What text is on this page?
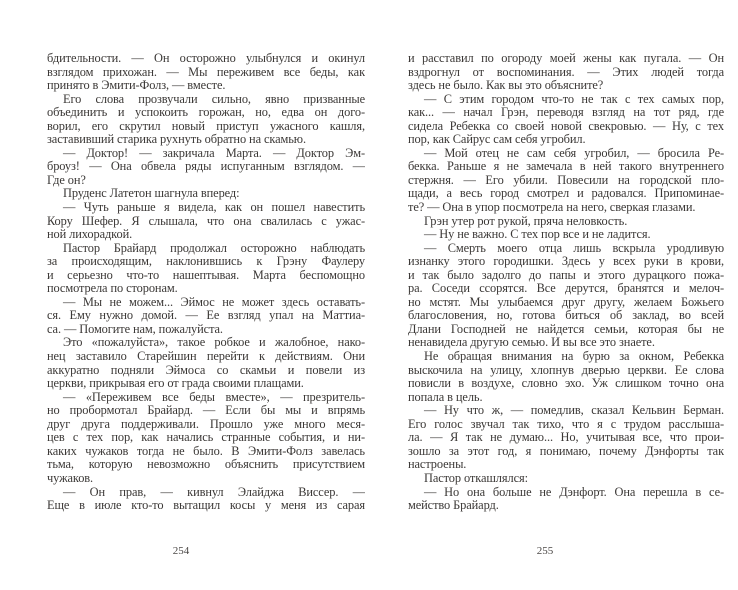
бдительности. — Он осторожно улыбнулся и окинул
взглядом прихожан. — Мы переживем все беды, как
принято в Эмити-Фолз, — вместе.
Его слова прозвучали сильно, явно призванные
объединить и успокоить горожан, но, едва он дого-
ворил, его скрутил новый приступ ужасного кашля,
заставивший старика рухнуть обратно на скамью.
— Доктор! — закричала Марта. — Доктор Эм-
броуз! — Она обвела ряды испуганным взглядом. —
Где он?
Пруденс Латетон шагнула вперед:
— Чуть раньше я видела, как он пошел навестить
Кору Шефер. Я слышала, что она свалилась с ужас-
ной лихорадкой.
Пастор Брайард продолжал осторожно наблюдать
за происходящим, наклонившись к Грэну Фаулеру
и серьезно что-то нашептывая. Марта беспомощно
посмотрела по сторонам.
— Мы не можем... Эймос не может здесь оставать-
ся. Ему нужно домой. — Ее взгляд упал на Маттиа-
са. — Помогите нам, пожалуйста.
Это «пожалуйста», такое робкое и жалобное, нако-
нец заставило Старейшин перейти к действиям. Они
аккуратно подняли Эймоса со скамьи и повели из
церкви, прикрывая его от града своими плащами.
— «Переживем все беды вместе», — презритель-
но пробормотал Брайард. — Если бы мы и впрямь
друг друга поддерживали. Прошло уже много меся-
цев с тех пор, как начались странные события, и ни-
каких чужаков тогда не было. В Эмити-Фолз завелась
тьма, которую невозможно объяснить присутствием
чужаков.
— Он прав, — кивнул Элайджа Виссер. —
Еще в июле кто-то вытащил косы у меня из сарая
и расставил по огороду моей жены как пугала. — Он
вздрогнул от воспоминания. — Этих людей тогда
здесь не было. Как вы это объясните?
— С этим городом что-то не так с тех самых пор,
как... — начал Грэн, переводя взгляд на тот ряд, где
сидела Ребекка со своей новой свекровью. — Ну, с тех
пор, как Сайрус сам себя угробил.
— Мой отец не сам себя угробил, — бросила Ре-
бекка. Раньше я не замечала в ней такого внутреннего
стержня. — Его убили. Повесили на городской пло-
щади, а весь город смотрел и радовался. Припоминае-
те? — Она в упор посмотрела на него, сверкая глазами.
Грэн утер рот рукой, пряча неловкость.
— Ну не важно. С тех пор все и не ладится.
— Смерть моего отца лишь вскрыла уродливую
изнанку этого городишки. Здесь у всех руки в крови,
и так было задолго до папы и этого дурацкого пожа-
ра. Соседи ссорятся. Все дерутся, бранятся и мелоч-
но мстят. Мы улыбаемся друг другу, желаем Божьего
благословения, но, готова биться об заклад, во всей
Длани Господней не найдется семьи, которая бы не
ненавидела другую семью. И вы все это знаете.
Не обращая внимания на бурю за окном, Ребекка
выскочила на улицу, хлопнув дверью церкви. Ее слова
повисли в воздухе, словно эхо. Уж слишком точно она
попала в цель.
— Ну что ж, — помедлив, сказал Кельвин Берман.
Его голос звучал так тихо, что я с трудом расслыша-
ла. — Я так не думаю... Но, учитывая все, что прои-
зошло за этот год, я понимаю, почему Дэнфорты так
настроены.
Пастор откашлялся:
— Но она больше не Дэнфорт. Она перешла в се-
мейство Брайард.
254	255
